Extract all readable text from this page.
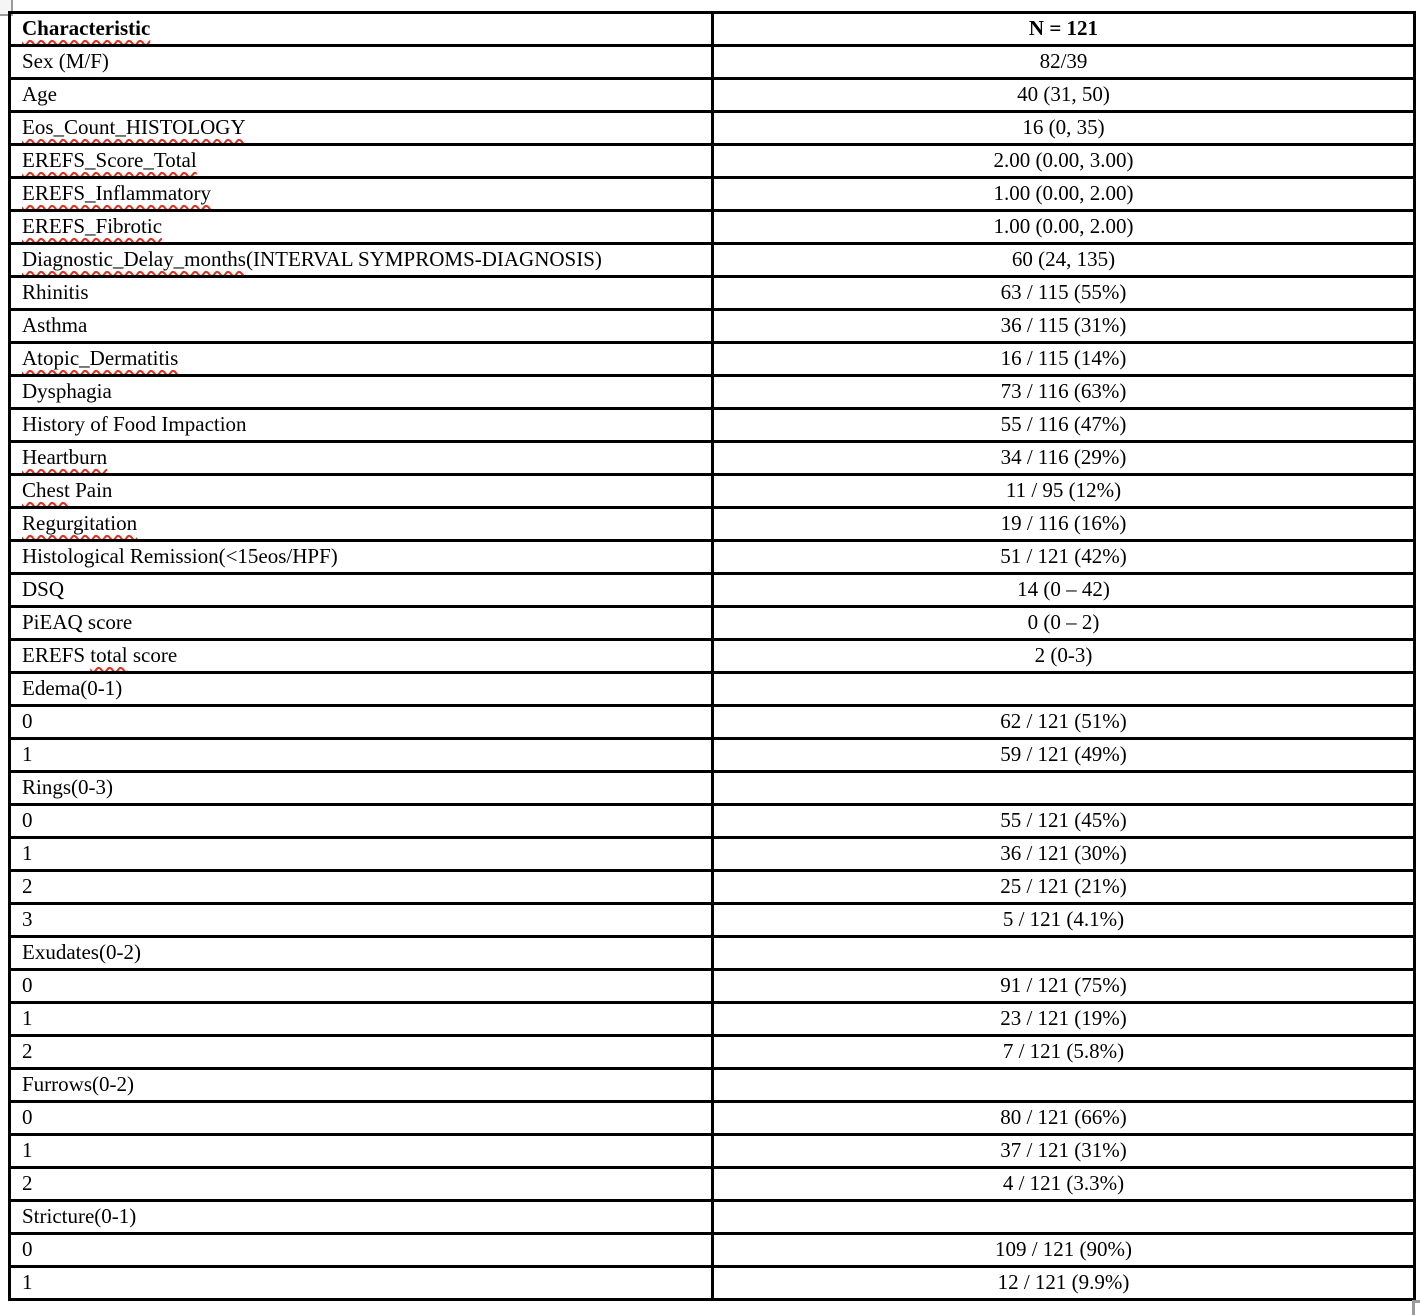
Characteristic	N = 121
Sex (M/F)	82/39
Age	40 (31, 50)
Eos_Count_HISTOLOGY	16 (0, 35)
EREFS_Score_Total	2.00 (0.00, 3.00)
EREFS_Inflammatory	1.00 (0.00, 2.00)
EREFS_Fibrotic	1.00 (0.00, 2.00)
Diagnostic_Delay_months(INTERVAL SYMPROMS-DIAGNOSIS)	60 (24, 135)
Rhinitis	63 / 115 (55%)
Asthma	36 / 115 (31%)
Atopic_Dermatitis	16 / 115 (14%)
Dysphagia	73 / 116 (63%)
History of Food Impaction	55 / 116 (47%)
Heartburn	34 / 116 (29%)
Chest Pain	11 / 95 (12%)
Regurgitation	19 / 116 (16%)
Histological Remission(<15eos/HPF)	51 / 121 (42%)
DSQ	14 (0 – 42)
PiEAQ score	0 (0 – 2)
EREFS total score	2 (0-3)
Edema(0-1)	
0	62 / 121 (51%)
1	59 / 121 (49%)
Rings(0-3)	
0	55 / 121 (45%)
1	36 / 121 (30%)
2	25 / 121 (21%)
3	5 / 121 (4.1%)
Exudates(0-2)	
0	91 / 121 (75%)
1	23 / 121 (19%)
2	7 / 121 (5.8%)
Furrows(0-2)	
0	80 / 121 (66%)
1	37 / 121 (31%)
2	4 / 121 (3.3%)
Stricture(0-1)	
0	109 / 121 (90%)
1	12 / 121 (9.9%)
